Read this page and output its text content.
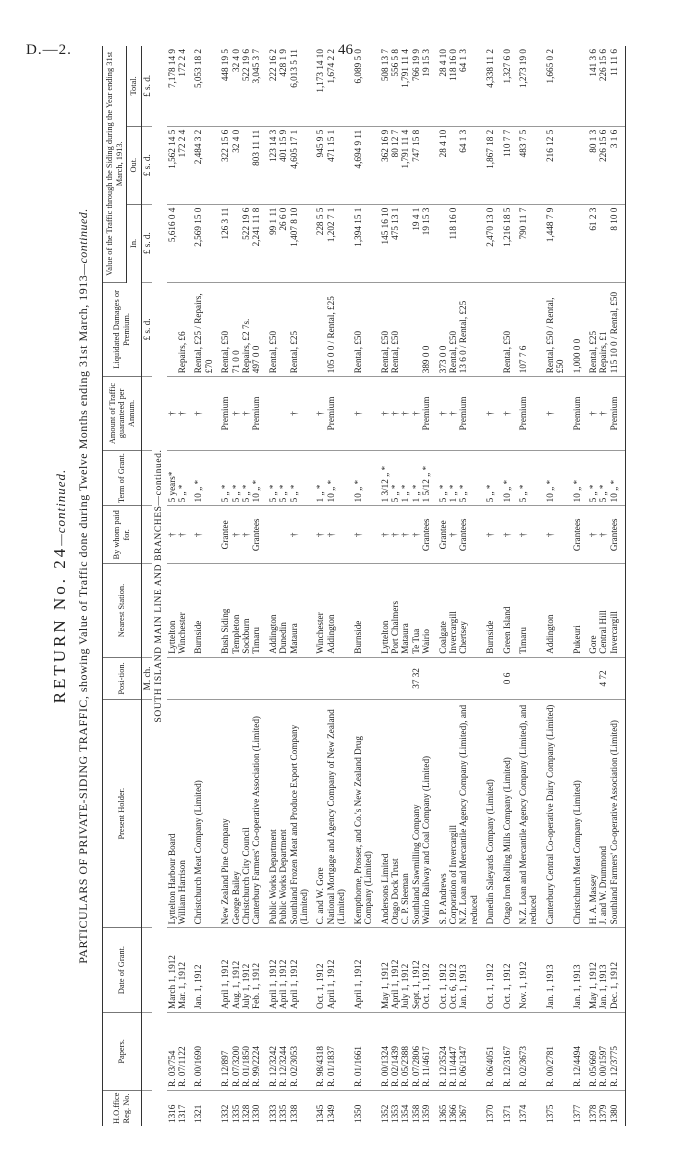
D.—2.	46
RETURN No. 24—continued. PARTICULARS OF PRIVATE-SIDING TRAFFIC, showing Value of Traffic done during Twelve Months ending 31st March, 1913—continued.
H.O.ffice Reg. No.	Papers.	Date of Grant.	Present Holder.	Posi-tion.	Nearest Station.	By whom paid for.	Term of Grant.	Amount of Traffic guaranteed per Annum.	Liquidated Damages or Premium.	Value of the Traffic through the Siding during the Year ending 31st March, 1913.		
										In.	Out.	Total.
				M. ch.					£ s. d.	£ s. d.	£ s. d.	£ s. d.
SOUTH ISLAND MAIN LINE AND BRANCHES—continued.												
1316	R. 03/754	March 1, 1912	Lyttelton Harbour Board		Lyttelton	†	5 years*	†		5,616 0 4	1,562 14 5	7,178 14 9
1317	R. 07/1122	Mar. 1, 1912	William Harrison		Winchester	†	5 „ *	†	Repairs, £6		172 2 4	172 2 4

1321	R. 00/1690	Jan. 1, 1912	Christchurch Meat Company (Limited)		Burnside	†	10 „ *	†	Rental, £25 / Repairs, £70	2,569 15 0	2,484 3 2	5,053 18 2

1332	R. 12/897	April 1, 1912	New Zealand Pine Company		Bush Siding	Grantee	5 „ *	Premium	Rental, £50	126 3 11	322 15 6	448 19 5
1335	R. 07/3200	Aug. 1, 1912	George Bailey		Templeton	†	5 „ *	†	71 0 0		32 4 0	32 4 0
1328	R. 01/1850	July 1, 1912	Christchurch City Council		Sockburn	†	5 „ *	†	Repairs, £2 7s.	522 19 6		522 19 6
1330	R. 99/2224	Feb. 1, 1912	Canterbury Farmers' Co-operative Association (Limited)		Timaru	Grantees	10 „ *	Premium	497 0 0	2,241 11 8	803 11 11	3,045 3 7

1333	R. 12/3242	April 1, 1912	Public Works Department		Addington		5 „ *		Rental, £50	99 1 11	123 14 3	222 16 2
1335	R. 12/3244	April 1, 1912	Public Works Department		Dunedin		5 „ *			26 6 0	401 15 9	428 1 9
1338	R. 02/3053	April 1, 1912	Southland Frozen Meat and Produce Export Company (Limited)		Mataura	†	5 „ *	†	Rental, £25	1,407 8 10	4,605 17 1	6,013 5 11

1345	R. 98/4318	Oct. 1, 1912	C. and W. Gore		Winchester	†	1 „ *	†		228 5 5	945 9 5	1,173 14 10
1349	R. 01/1837	April 1, 1912	National Mortgage and Agency Company of New Zealand (Limited)		Addington	†	10 „ *	Premium	105 0 0 / Rental, £25	1,202 7 1	471 15 1	1,674 2 2

1350	R. 01/1661	April 1, 1912	Kempthorne, Prosser, and Co.'s New Zealand Drug Company (Limited)		Burnside	†	10 „ *	†	Rental, £50	1,394 15 1	4,694 9 11	6,089 5 0

1352	R. 00/1324	May 1, 1912	Andersons Limited		Lyttelton	†	1 3/12 „ *	†	Rental, £50	145 16 10	362 16 9	508 13 7
1353	R. 02/1439	April 1, 1912	Otago Dock Trust		Port Chalmers	†	5 „ *	†	Rental, £50	475 13 1	80 12 7	556 5 8
1354	R. 05/2388	July 1, 1912	C. P. Sleeman		Mataura	†	1 „ *	†			1,791 11 4	1,791 11 4
1358	R. 07/2806	Sept. 1, 1912	Southland Sawmilling Company	37 32	Te Tua	†	1 „ *	†		19 4 1	747 15 8	766 19 9
1359	R. 11/4617	Oct. 1, 1912	Wairio Railway and Coal Company (Limited)		Wairio	Grantees	1 5/12 „ *	Premium	389 0 0	19 15 3		19 15 3

1365	R. 12/3524	Oct. 1, 1912	S. P. Andrews		Coalgate	Grantee	5 „ *	†	373 0 0		28 4 10	28 4 10
1366	R. 11/4447	Oct. 6, 1912	Corporation of Invercargill		Invercargill	†	1 „ *	†	Rental, £50	118 16 0		118 16 0
1367	R. 06/1347	Jan. 1, 1913	N.Z. Loan and Mercantile Agency Company (Limited), and reduced		Chertsey	Grantees	5 „ *	Premium	13 6 0 / Rental, £25		64 1 3	64 1 3

1370	R. 06/4051	Oct. 1, 1912	Dunedin Saleyards Company (Limited)		Burnside	†	5 „ *	†		2,470 13 0	1,867 18 2	4,338 11 2

1371	R. 12/3167	Oct. 1, 1912	Otago Iron Rolling Mills Company (Limited)	0 6	Green Island	†	10 „ *	†	Rental, £50	1,216 18 5	110 7 7	1,327 6 0

1374	R. 02/3673	Nov. 1, 1912	N.Z. Loan and Mercantile Agency Company (Limited), and reduced		Timaru	†	5 „ *	Premium	107 7 6	790 11 7	483 7 5	1,273 19 0

1375	R. 00/2781	Jan. 1, 1913	Canterbury Central Co-operative Dairy Company (Limited)		Addington	†	10 „ *	†	Rental, £50 / Rental, £50	1,448 7 9	216 12 5	1,665 0 2

1377	R. 12/4494	Jan. 1, 1913	Christchurch Meat Company (Limited)		Pukeuri	Grantees	10 „ *	Premium	1,000 0 0			

1378	R. 05/669	May 1, 1912	H. A. Massey		Gore	†	5 „ *	†	Rental, £25	61 2 3	80 1 3	141 3 6
1379	R. 00/1597	Jan. 1, 1913	J. and W. Drummond	4 72	Central Hill	†	5 „ *	†	Repairs, £1		226 15 6	226 15 6
1380	R. 12/3775	Dec. 1, 1912	Southland Farmers' Co-operative Association (Limited)		Invercargill	Grantees	10 „ *	Premium	115 10 0 / Rental, £50	8 10 0	3 1 6	11 11 6
